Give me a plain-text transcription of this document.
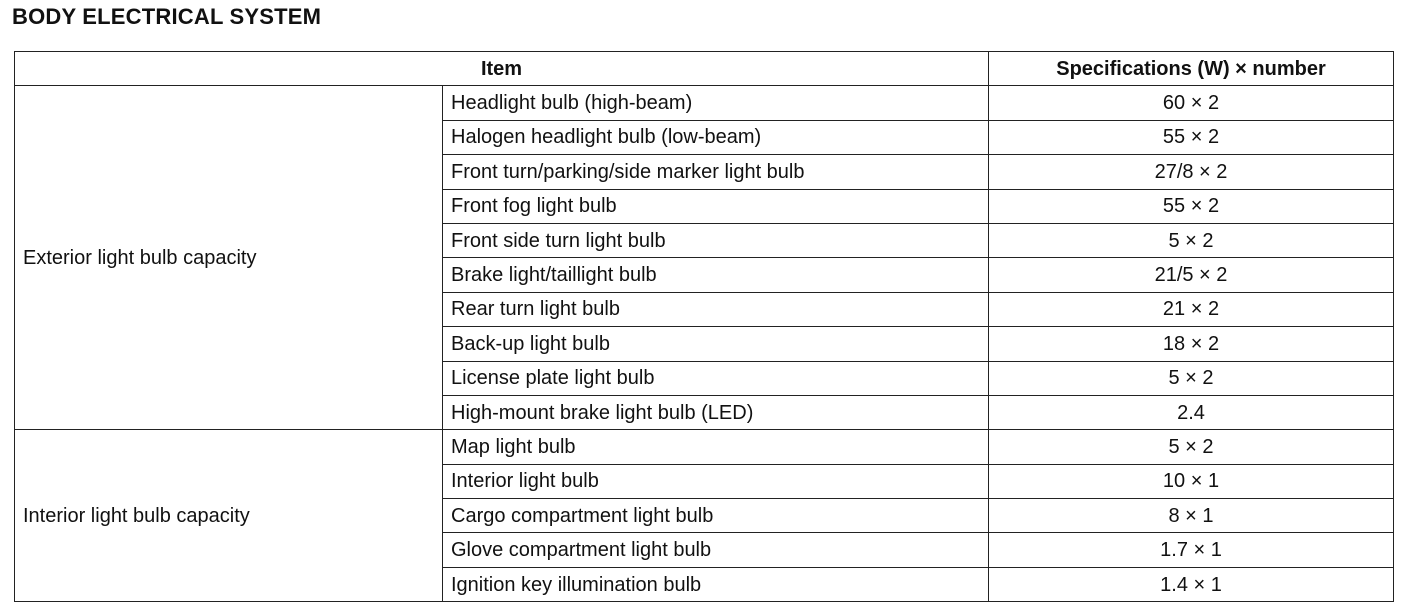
BODY ELECTRICAL SYSTEM
Item		Specifications (W) × number
Exterior light bulb capacity	Headlight bulb (high-beam)	60 × 2
	Halogen headlight bulb (low-beam)	55 × 2
	Front turn/parking/side marker light bulb	27/8 × 2
	Front fog light bulb	55 × 2
	Front side turn light bulb	5 × 2
	Brake light/taillight bulb	21/5 × 2
	Rear turn light bulb	21 × 2
	Back-up light bulb	18 × 2
	License plate light bulb	5 × 2
	High-mount brake light bulb (LED)	2.4
Interior light bulb capacity	Map light bulb	5 × 2
	Interior light bulb	10 × 1
	Cargo compartment light bulb	8 × 1
	Glove compartment light bulb	1.7 × 1
	Ignition key illumination bulb	1.4 × 1
